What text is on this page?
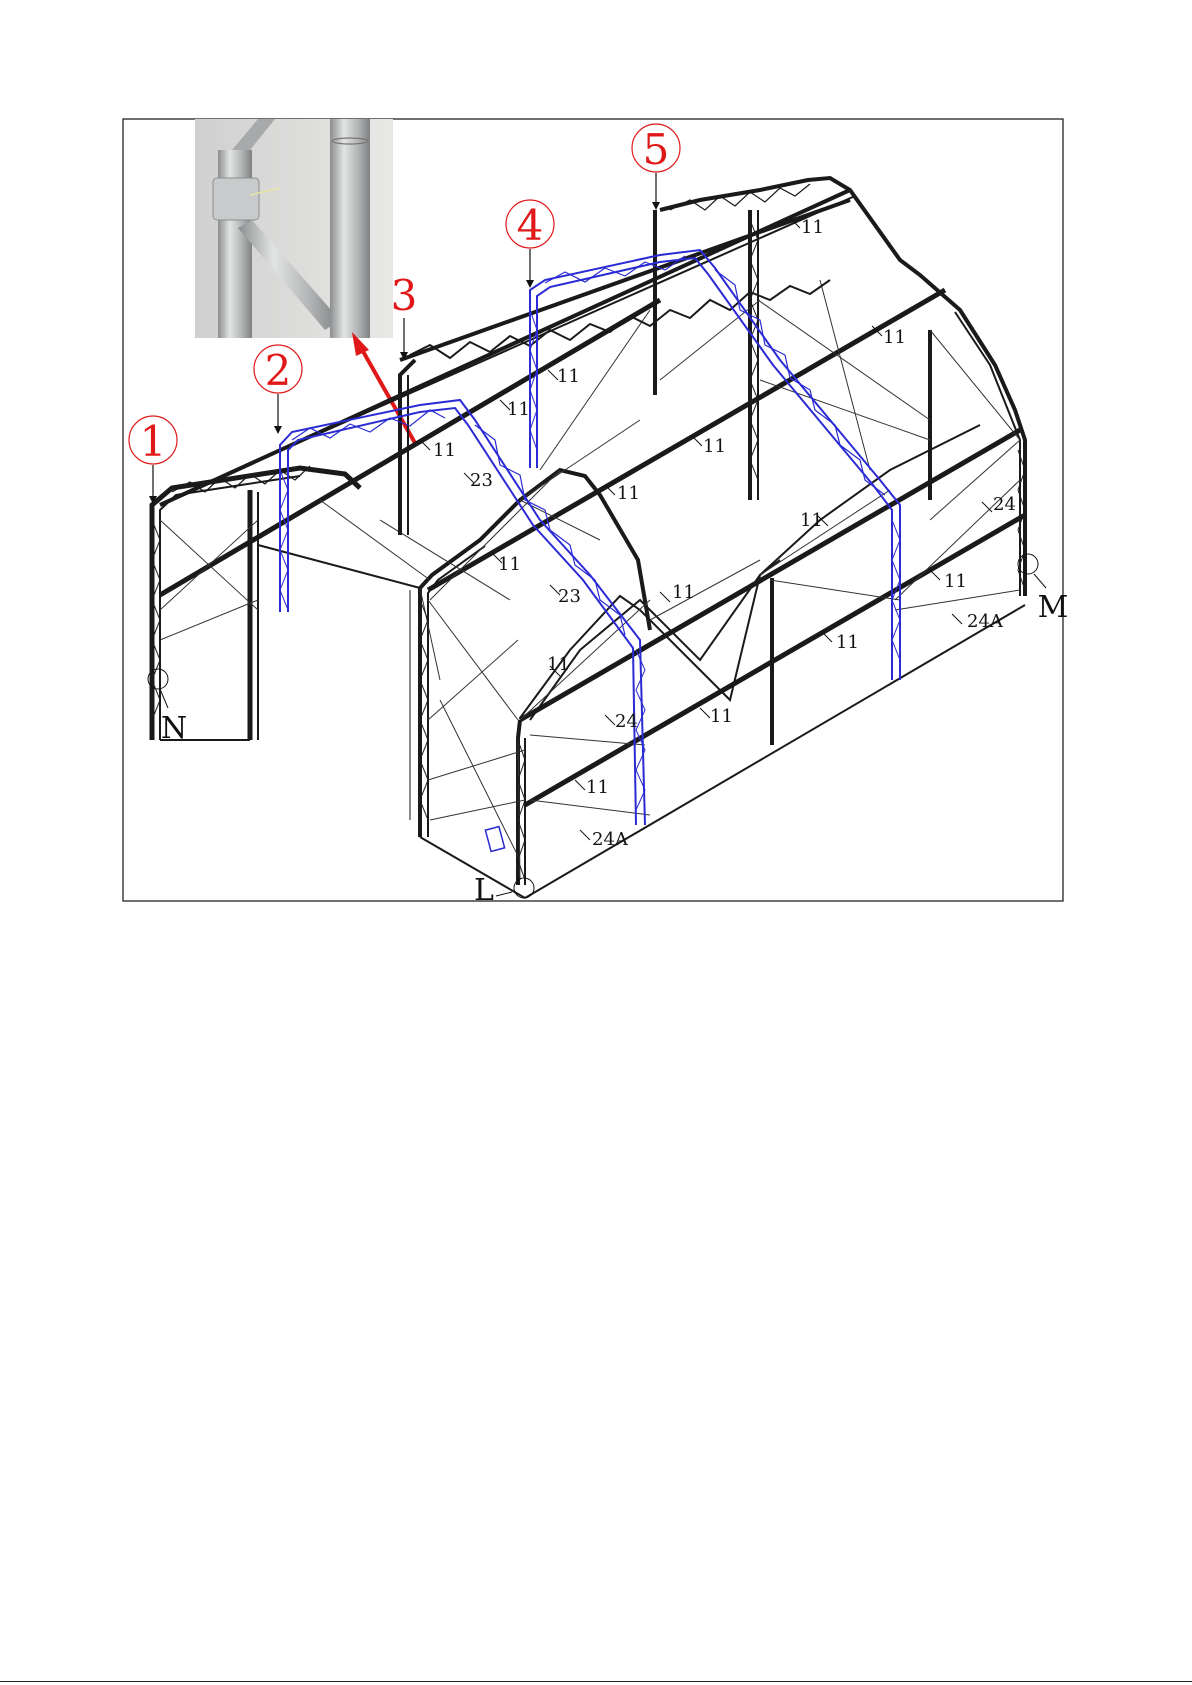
1
2
3
4
5
N
L
M
11
11
11
11
11	11
11
11
11
11
11
11
11
11
11
23
23
24
24
24A
24A
